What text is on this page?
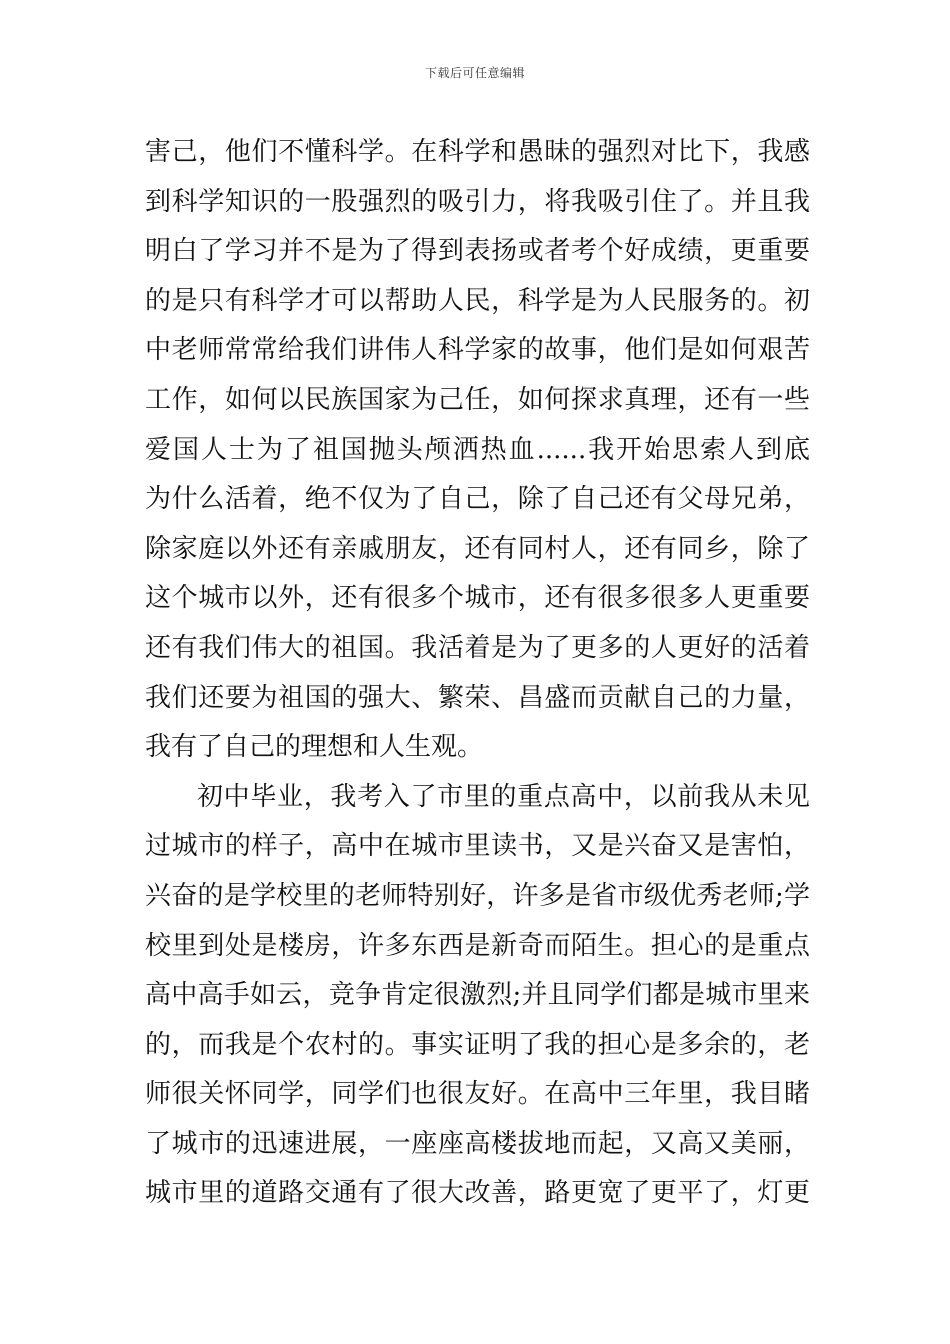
下载后可任意编辑
害己，他们不懂科学。在科学和愚昧的强烈对比下，我感
到科学知识的一股强烈的吸引力，将我吸引住了。并且我
明白了学习并不是为了得到表扬或者考个好成绩，更重要
的是只有科学才可以帮助人民，科学是为人民服务的。初
中老师常常给我们讲伟人科学家的故事，他们是如何艰苦
工作，如何以民族国家为己任，如何探求真理，还有一些
爱国人士为了祖国抛头颅洒热血......我开始思索人到底
为什么活着，绝不仅为了自己，除了自己还有父母兄弟，
除家庭以外还有亲戚朋友，还有同村人，还有同乡，除了
这个城市以外，还有很多个城市，还有很多很多人更重要
还有我们伟大的祖国。我活着是为了更多的人更好的活着
我们还要为祖国的强大、繁荣、昌盛而贡献自己的力量，
我有了自己的理想和人生观。
初中毕业，我考入了市里的重点高中，以前我从未见
过城市的样子，高中在城市里读书，又是兴奋又是害怕，
兴奋的是学校里的老师特别好，许多是省市级优秀老师;学
校里到处是楼房，许多东西是新奇而陌生。担心的是重点
高中高手如云，竞争肯定很激烈;并且同学们都是城市里来
的，而我是个农村的。事实证明了我的担心是多余的，老
师很关怀同学，同学们也很友好。在高中三年里，我目睹
了城市的迅速进展，一座座高楼拔地而起，又高又美丽，
城市里的道路交通有了很大改善，路更宽了更平了，灯更
